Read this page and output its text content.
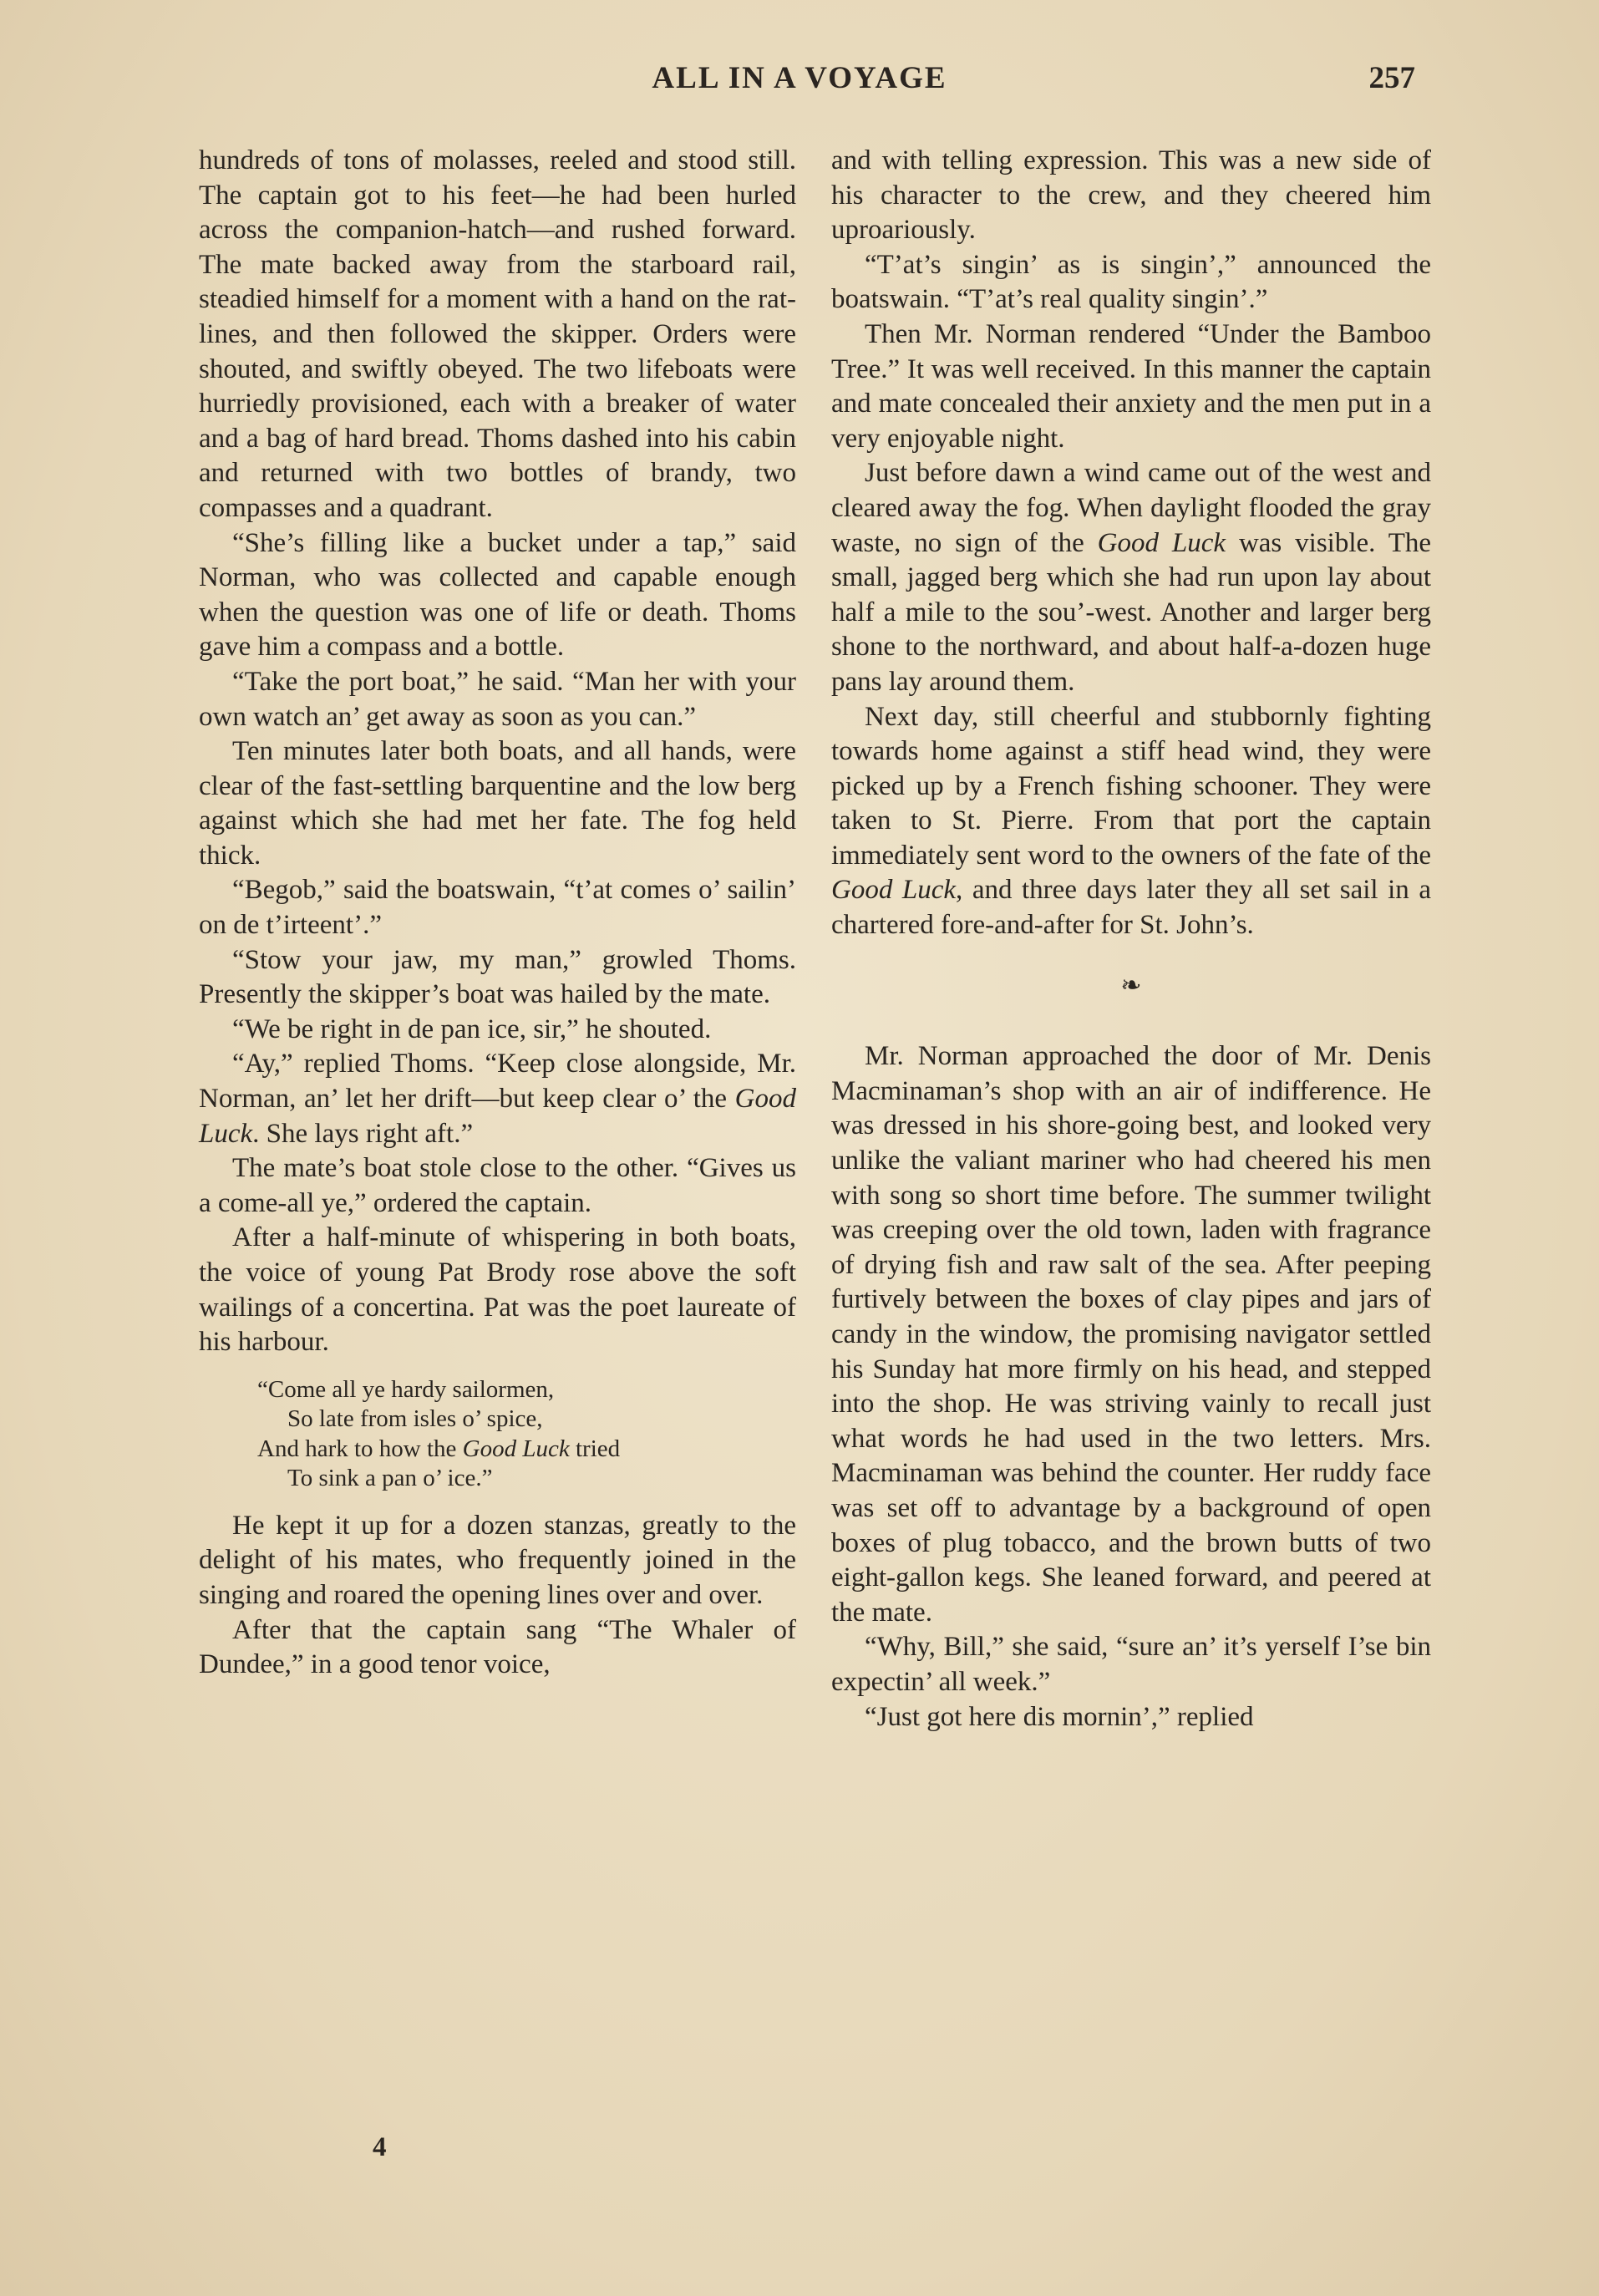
ALL IN A VOYAGE	257

hundreds of tons of molasses, reeled and stood still. The captain got to his feet—he had been hurled across the companion-hatch—and rushed forward. The mate backed away from the starboard rail, steadied himself for a moment with a hand on the rat-lines, and then followed the skipper. Orders were shouted, and swiftly obeyed. The two lifeboats were hurriedly provisioned, each with a breaker of water and a bag of hard bread. Thoms dashed into his cabin and returned with two bottles of brandy, two compasses and a quadrant.

“She’s filling like a bucket under a tap,” said Norman, who was collected and capable enough when the question was one of life or death. Thoms gave him a compass and a bottle.

“Take the port boat,” he said. “Man her with your own watch an’ get away as soon as you can.”

Ten minutes later both boats, and all hands, were clear of the fast-settling barquentine and the low berg against which she had met her fate. The fog held thick.

“Begob,” said the boatswain, “t’at comes o’ sailin’ on de t’irteent’.”

“Stow your jaw, my man,” growled Thoms. Presently the skipper’s boat was hailed by the mate.

“We be right in de pan ice, sir,” he shouted.

“Ay,” replied Thoms. “Keep close alongside, Mr. Norman, an’ let her drift—but keep clear o’ the Good Luck. She lays right aft.”

The mate’s boat stole close to the other. “Gives us a come-all ye,” ordered the captain.

After a half-minute of whispering in both boats, the voice of young Pat Brody rose above the soft wailings of a concertina. Pat was the poet laureate of his harbour.

“Come all ye hardy sailormen,
So late from isles o’ spice,
And hark to how the Good Luck tried
To sink a pan o’ ice.”

He kept it up for a dozen stanzas, greatly to the delight of his mates, who frequently joined in the singing and roared the opening lines over and over.

After that the captain sang “The Whaler of Dundee,” in a good tenor voice,

and with telling expression. This was a new side of his character to the crew, and they cheered him uproariously.

“T’at’s singin’ as is singin’,” announced the boatswain. “T’at’s real quality singin’.”

Then Mr. Norman rendered “Under the Bamboo Tree.” It was well received. In this manner the captain and mate concealed their anxiety and the men put in a very enjoyable night.

Just before dawn a wind came out of the west and cleared away the fog. When daylight flooded the gray waste, no sign of the Good Luck was visible. The small, jagged berg which she had run upon lay about half a mile to the sou’-west. Another and larger berg shone to the northward, and about half-a-dozen huge pans lay around them.

Next day, still cheerful and stubbornly fighting towards home against a stiff head wind, they were picked up by a French fishing schooner. They were taken to St. Pierre. From that port the captain immediately sent word to the owners of the fate of the Good Luck, and three days later they all set sail in a chartered fore-and-after for St. John’s.

❧

Mr. Norman approached the door of Mr. Denis Macminaman’s shop with an air of indifference. He was dressed in his shore-going best, and looked very unlike the valiant mariner who had cheered his men with song so short time before. The summer twilight was creeping over the old town, laden with fragrance of drying fish and raw salt of the sea. After peeping furtively between the boxes of clay pipes and jars of candy in the window, the promising navigator settled his Sunday hat more firmly on his head, and stepped into the shop. He was striving vainly to recall just what words he had used in the two letters. Mrs. Macminaman was behind the counter. Her ruddy face was set off to advantage by a background of open boxes of plug tobacco, and the brown butts of two eight-gallon kegs. She leaned forward, and peered at the mate.

“Why, Bill,” she said, “sure an’ it’s yerself I’se bin expectin’ all week.”

“Just got here dis mornin’,” replied

4
